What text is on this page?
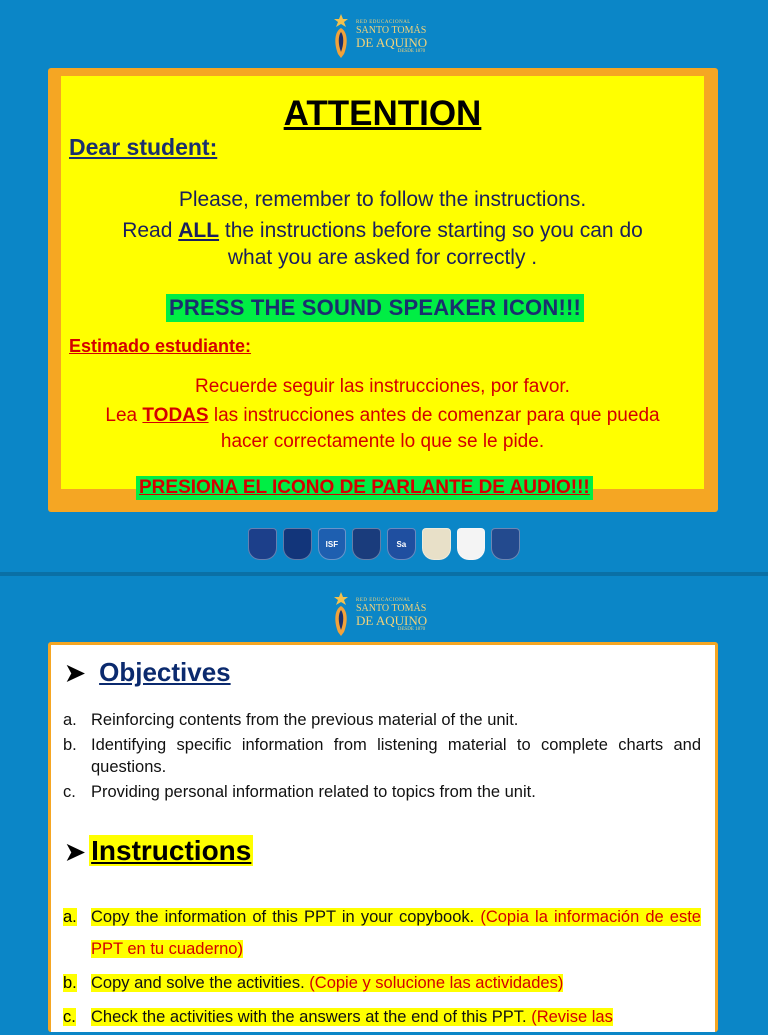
RED EDUCACIONAL
SANTO TOMÁS
DE AQUINO
DESDE 1870
ATTENTION
Dear student:
Please, remember to follow the instructions.
Read ALL the instructions before starting so you can do
what you are asked for correctly .
PRESS THE SOUND SPEAKER ICON!!!
Estimado estudiante:
Recuerde seguir las instrucciones, por favor.
Lea TODAS las instrucciones antes de comenzar para que pueda
hacer correctamente lo que se le pide.
PRESIONA EL ICONO DE PARLANTE DE AUDIO!!!
ISF	Sa
RED EDUCACIONAL
SANTO TOMÁS
DE AQUINO
DESDE 1870
➤ Objectives
a. Reinforcing contents from the previous material of the unit.
b. Identifying specific information from listening material to complete charts and questions.
c. Providing personal information related to topics from the unit.
➤ Instructions
a. Copy the information of this PPT in your copybook. (Copia la información de este PPT en tu cuaderno)
b. Copy and solve the activities. (Copie y solucione las actividades)
c. Check the activities with the answers at the end of this PPT. (Revise las
